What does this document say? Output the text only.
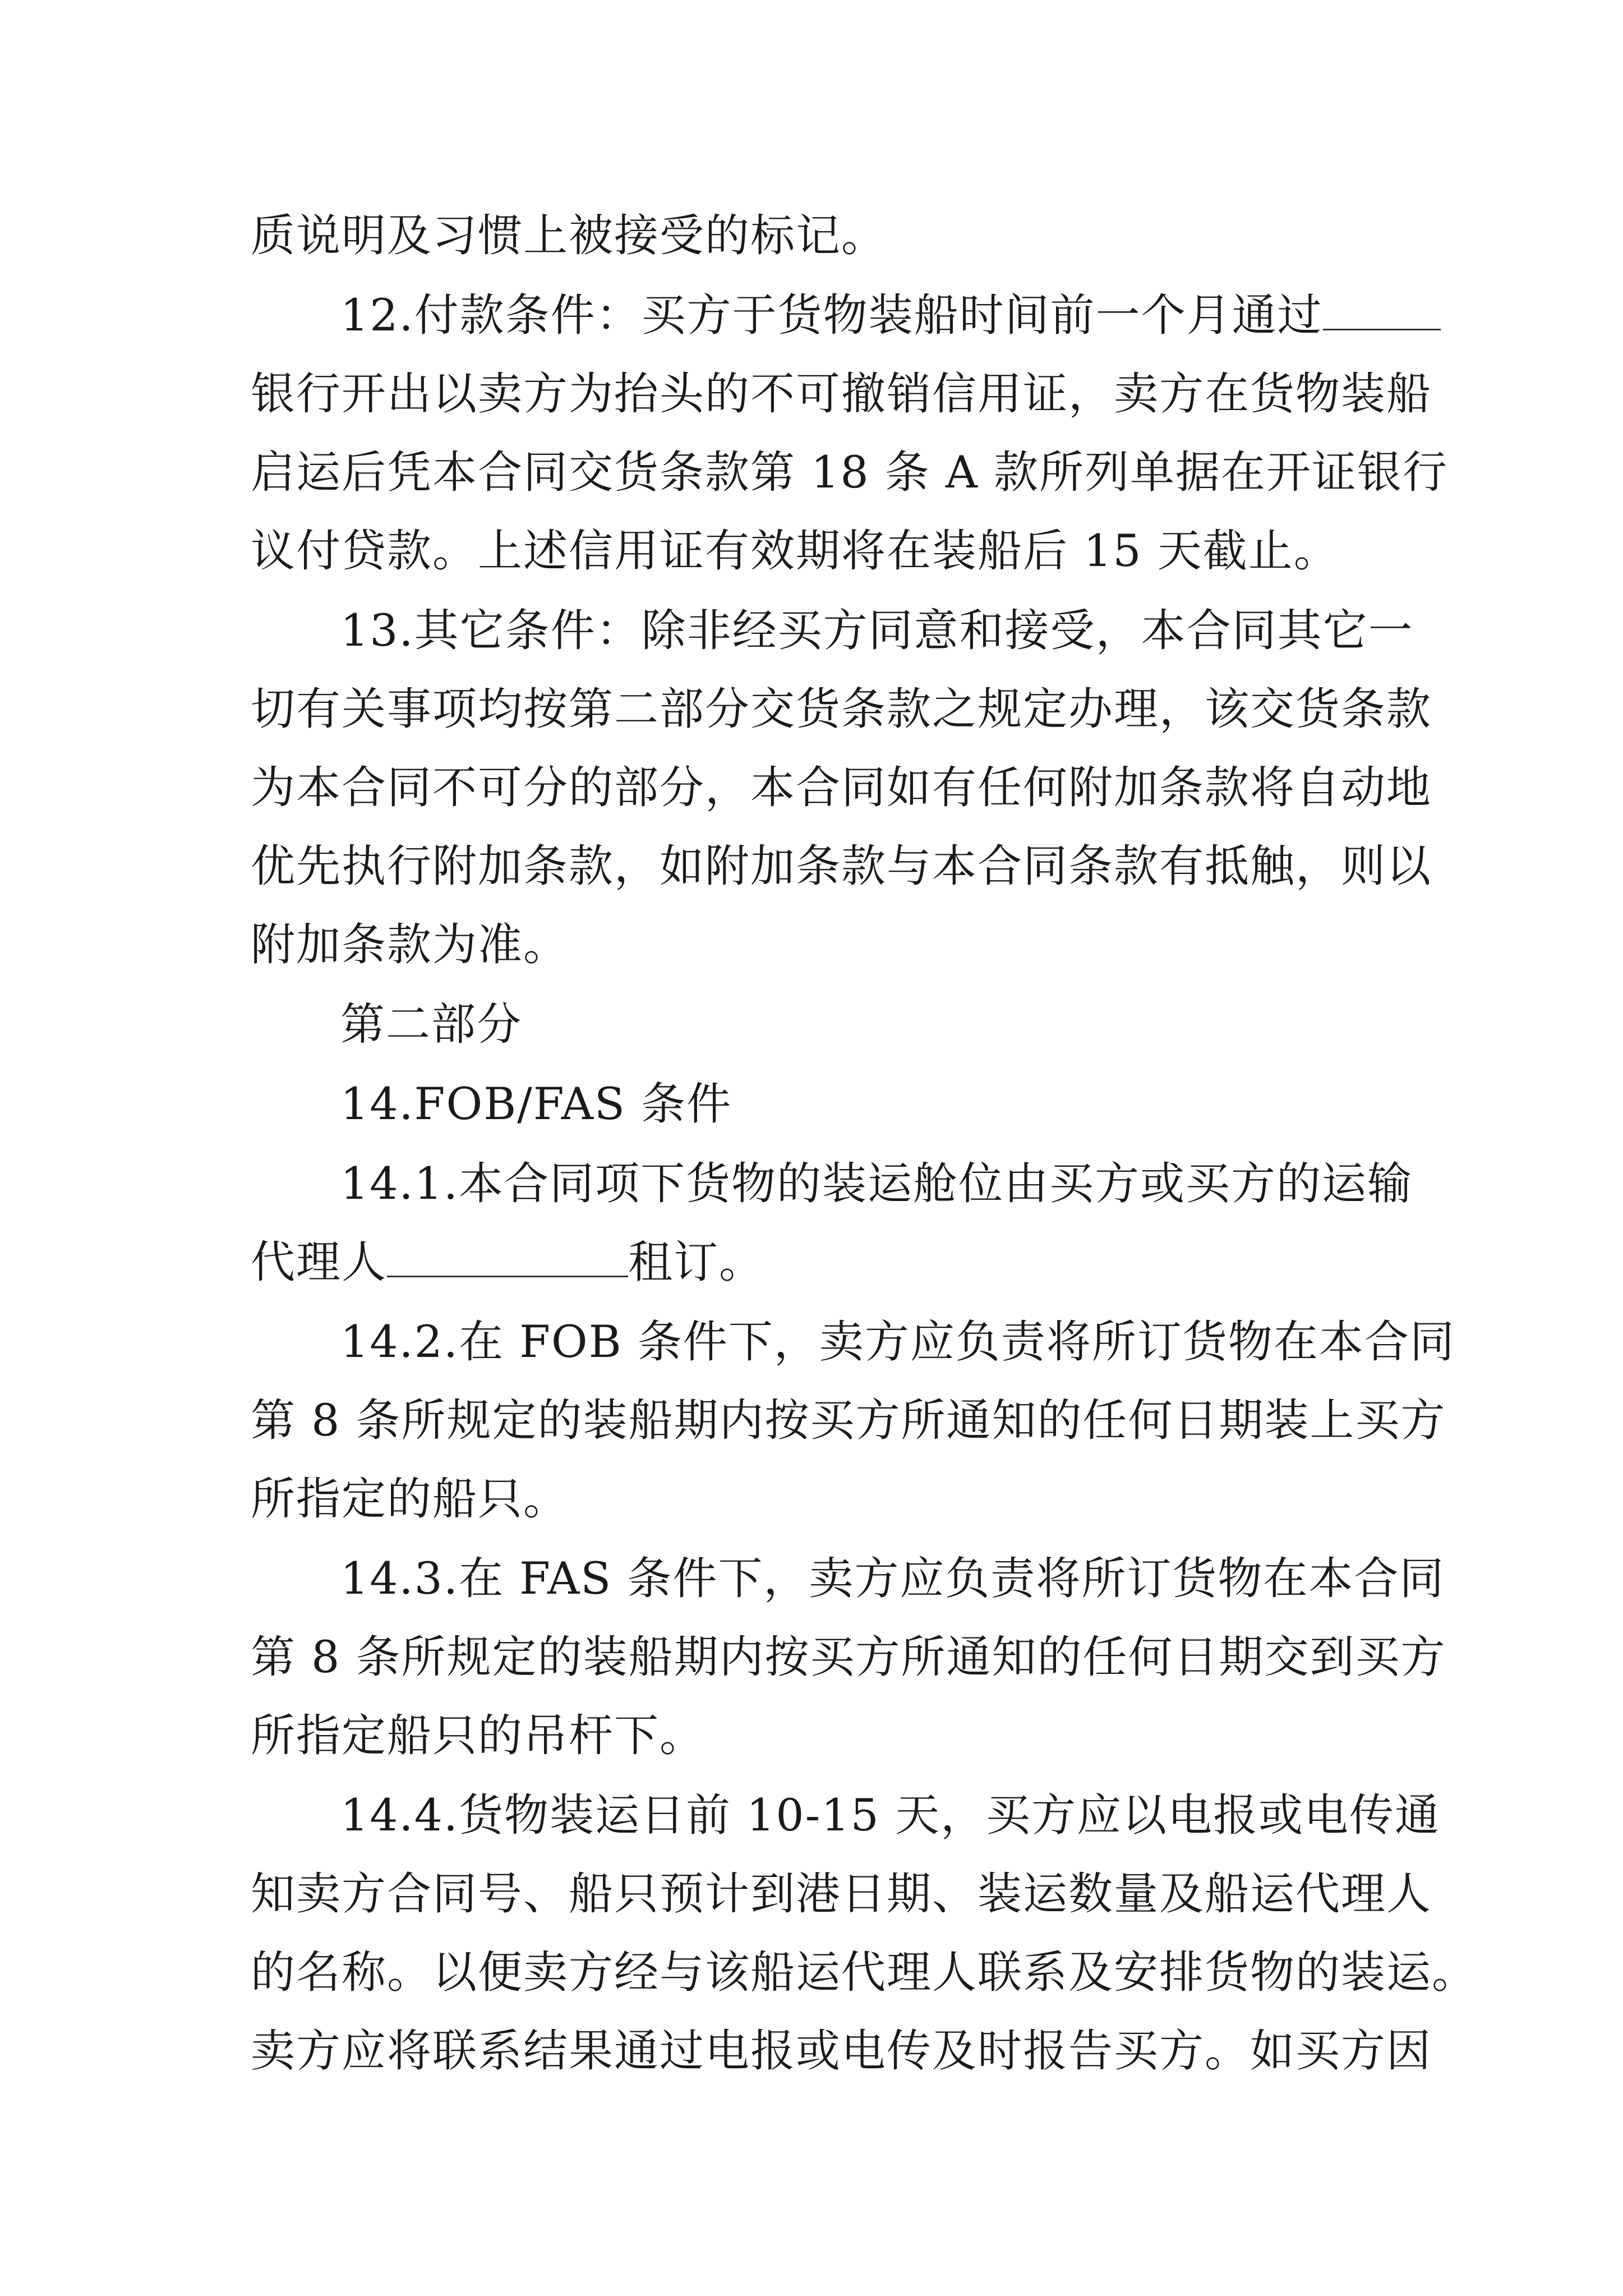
质说明及习惯上被接受的标记。
12.付款条件：买方于货物装船时间前一个月通过
银行开出以卖方为抬头的不可撤销信用证，卖方在货物装船
启运后凭本合同交货条款第 18 条 A 款所列单据在开证银行
议付贷款。上述信用证有效期将在装船后 15 天截止。
13.其它条件：除非经买方同意和接受，本合同其它一
切有关事项均按第二部分交货条款之规定办理，该交货条款
为本合同不可分的部分，本合同如有任何附加条款将自动地
优先执行附加条款，如附加条款与本合同条款有抵触，则以
附加条款为准。
第二部分
14.FOB/FAS 条件
14.1.本合同项下货物的装运舱位由买方或买方的运输
代理人	租订。
14.2.在 FOB 条件下，卖方应负责将所订货物在本合同
第 8 条所规定的装船期内按买方所通知的任何日期装上买方
所指定的船只。
14.3.在 FAS 条件下，卖方应负责将所订货物在本合同
第 8 条所规定的装船期内按买方所通知的任何日期交到买方
所指定船只的吊杆下。
14.4.货物装运日前 10-15 天，买方应以电报或电传通
知卖方合同号、船只预计到港日期、装运数量及船运代理人
的名称。以便卖方经与该船运代理人联系及安排货物的装运。
卖方应将联系结果通过电报或电传及时报告买方。如买方因
